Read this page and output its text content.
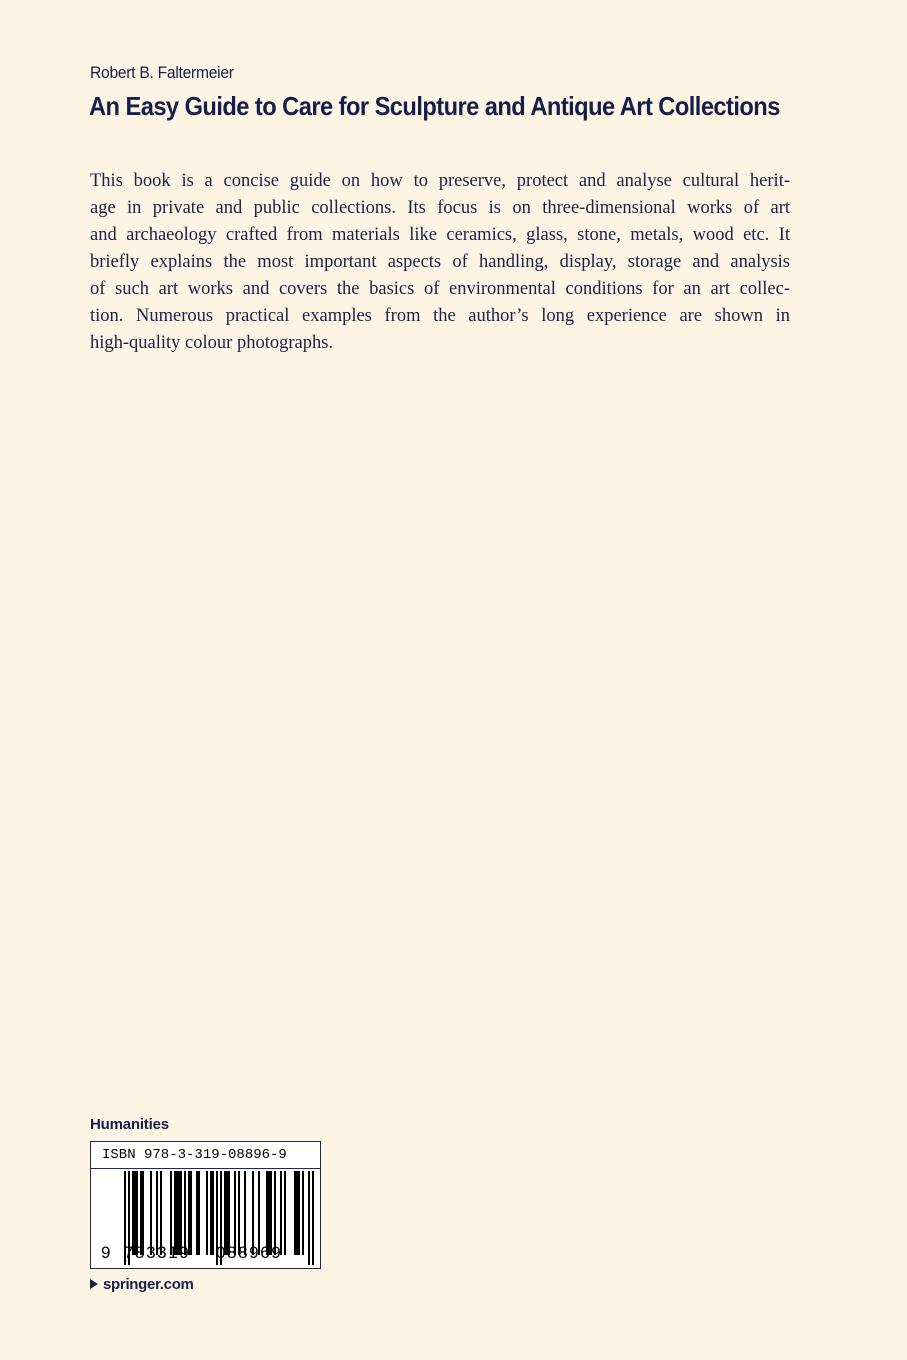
Robert B. Faltermeier
An Easy Guide to Care for Sculpture and Antique Art Collections
This book is a concise guide on how to preserve, protect and analyse cultural herit-
age in private and public collections. Its focus is on three-dimensional works of art
and archaeology crafted from materials like ceramics, glass, stone, metals, wood etc. It
briefly explains the most important aspects of handling, display, storage and analysis
of such art works and covers the basics of environmental conditions for an art collec-
tion. Numerous practical examples from the author’s long experience are shown in
high-quality colour photographs.
Humanities
ISBN 978-3-319-08896-9
9 783319 088969
springer.com
